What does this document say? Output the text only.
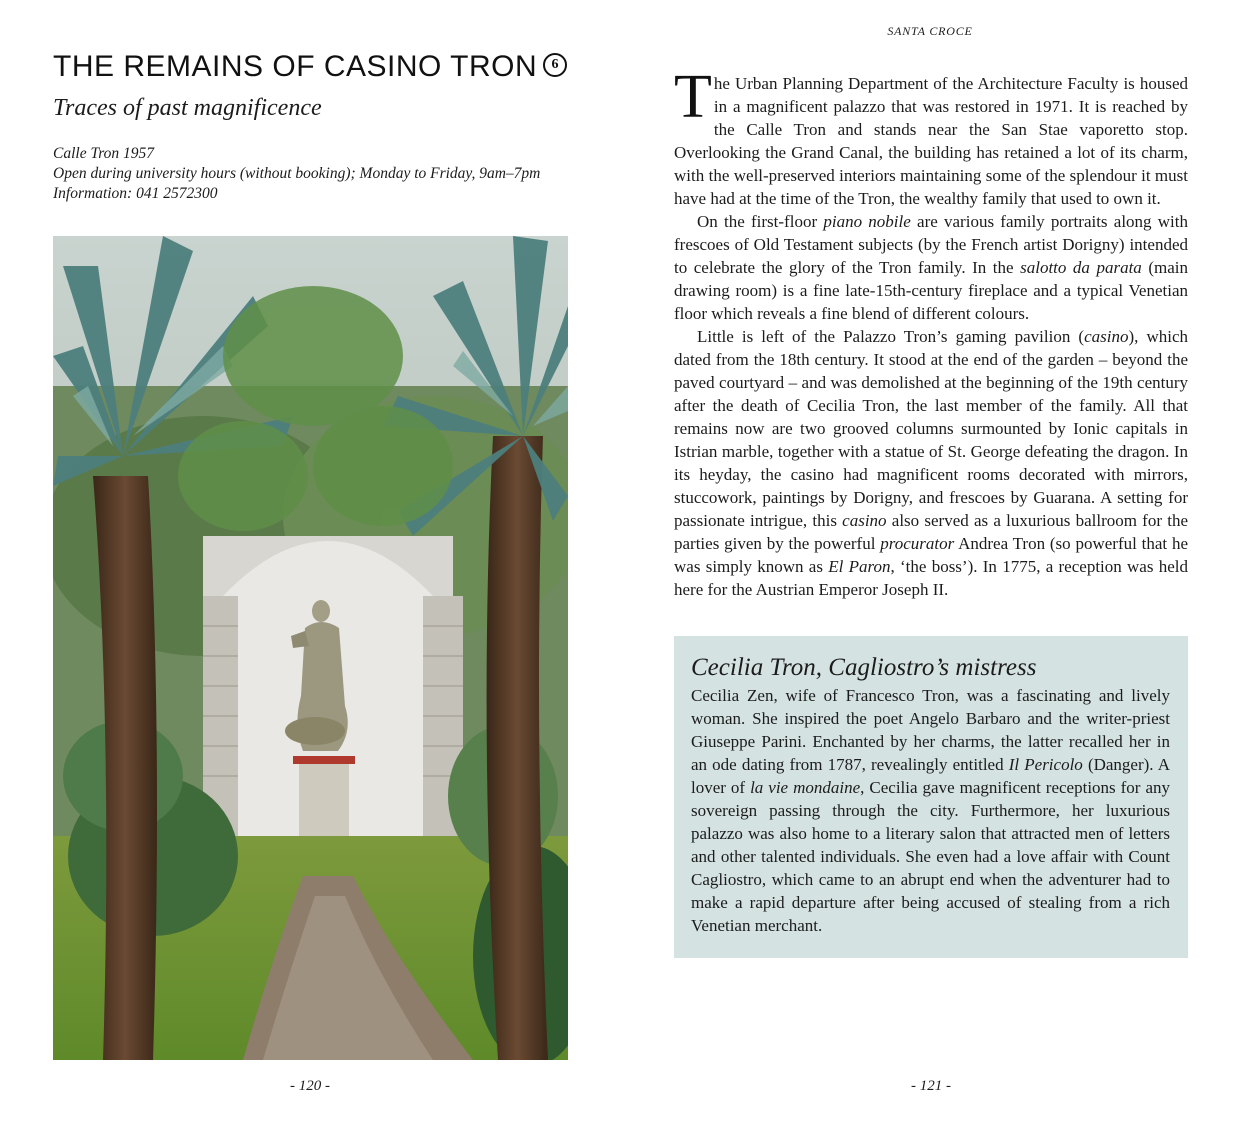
THE REMAINS OF CASINO TRON	6
Traces of past magnificence
Calle Tron 1957
Open during university hours (without booking); Monday to Friday, 9am–7pm
Information: 041 2572300
- 120 -
SANTA CROCE

The Urban Planning Department of the Architecture Faculty is housed in a magnificent palazzo that was restored in 1971. It is reached by the Calle Tron and stands near the San Stae vaporetto stop. Overlooking the Grand Canal, the building has retained a lot of its charm, with the well-preserved interiors maintaining some of the splendour it must have had at the time of the Tron, the wealthy family that used to own it.

On the first-floor piano nobile are various family portraits along with frescoes of Old Testament subjects (by the French artist Dorigny) intended to celebrate the glory of the Tron family. In the salotto da parata (main drawing room) is a fine late-15th-century fireplace and a typical Venetian floor which reveals a fine blend of different colours.

Little is left of the Palazzo Tron’s gaming pavilion (casino), which dated from the 18th century. It stood at the end of the garden – beyond the paved courtyard – and was demolished at the beginning of the 19th century after the death of Cecilia Tron, the last member of the family. All that remains now are two grooved columns surmounted by Ionic capitals in Istrian marble, together with a statue of St. George defeating the dragon. In its heyday, the casino had magnificent rooms decorated with mirrors, stuccowork, paintings by Dorigny, and frescoes by Guarana. A setting for passionate intrigue, this casino also served as a luxurious ballroom for the parties given by the powerful procurator Andrea Tron (so powerful that he was simply known as El Paron, ‘the boss’). In 1775, a reception was held here for the Austrian Emperor Joseph II.

Cecilia Tron, Cagliostro’s mistress

Cecilia Zen, wife of Francesco Tron, was a fascinating and lively woman. She inspired the poet Angelo Barbaro and the writer-priest Giuseppe Parini. Enchanted by her charms, the latter recalled her in an ode dating from 1787, revealingly entitled Il Pericolo (Danger). A lover of la vie mondaine, Cecilia gave magnificent receptions for any sovereign passing through the city. Furthermore, her luxurious palazzo was also home to a literary salon that attracted men of letters and other talented individuals. She even had a love affair with Count Cagliostro, which came to an abrupt end when the adventurer had to make a rapid departure after being accused of stealing from a rich Venetian merchant.

- 121 -
